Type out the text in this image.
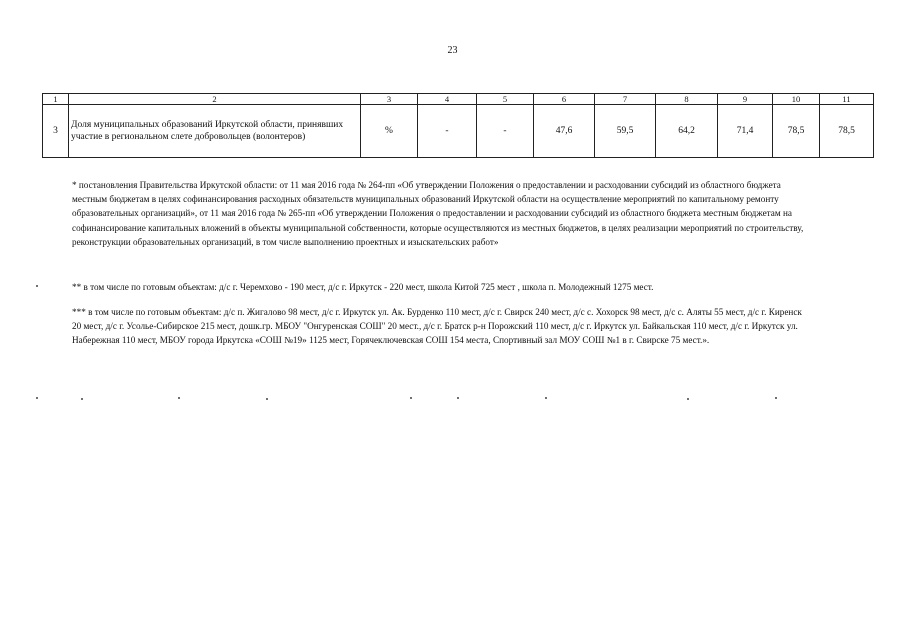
23
1	2	3	4	5	6	7	8	9	10	11
3	Доля муниципальных образований Иркутской области, принявших участие в региональном слете добровольцев (волонтеров)	%	-	-	47,6	59,5	64,2	71,4	78,5	78,5

* постановления Правительства Иркутской области: от 11 мая 2016 года № 264-пп «Об утверждении Положения о предоставлении и расходовании субсидий из областного бюджета местным бюджетам в целях софинансирования расходных обязательств муниципальных образований Иркутской области на осуществление мероприятий по капитальному ремонту образовательных организаций», от 11 мая 2016 года № 265-пп «Об утверждении Положения о предоставлении и расходовании субсидий из областного бюджета местным бюджетам на софинансирование капитальных вложений в объекты муниципальной собственности, которые осуществляются из местных бюджетов, в целях реализации мероприятий по строительству, реконструкции образовательных организаций, в том числе выполнению проектных и изыскательских работ»

** в том числе по готовым объектам: д/с г. Черемхово - 190 мест, д/с г. Иркутск - 220 мест, школа Китой 725 мест , школа п. Молодежный 1275 мест.

*** в том числе по готовым объектам: д/с п. Жигалово 98 мест, д/с г. Иркутск ул. Ак. Бурденко 110 мест, д/с г. Свирск 240 мест, д/с с. Хохорск 98 мест, д/с с. Аляты 55 мест, д/с г. Киренск 20 мест, д/с г. Усолье-Сибирское 215 мест, дошк.гр. МБОУ "Онгуренская СОШ" 20 мест., д/с г. Братск р-н Порожский 110 мест, д/с г. Иркутск ул. Байкальская 110 мест, д/с г. Иркутск ул. Набережная 110 мест, МБОУ города Иркутска «СОШ №19» 1125 мест, Горячеключевская СОШ 154 места, Спортивный зал МОУ СОШ №1 в г. Свирске 75 мест.».
